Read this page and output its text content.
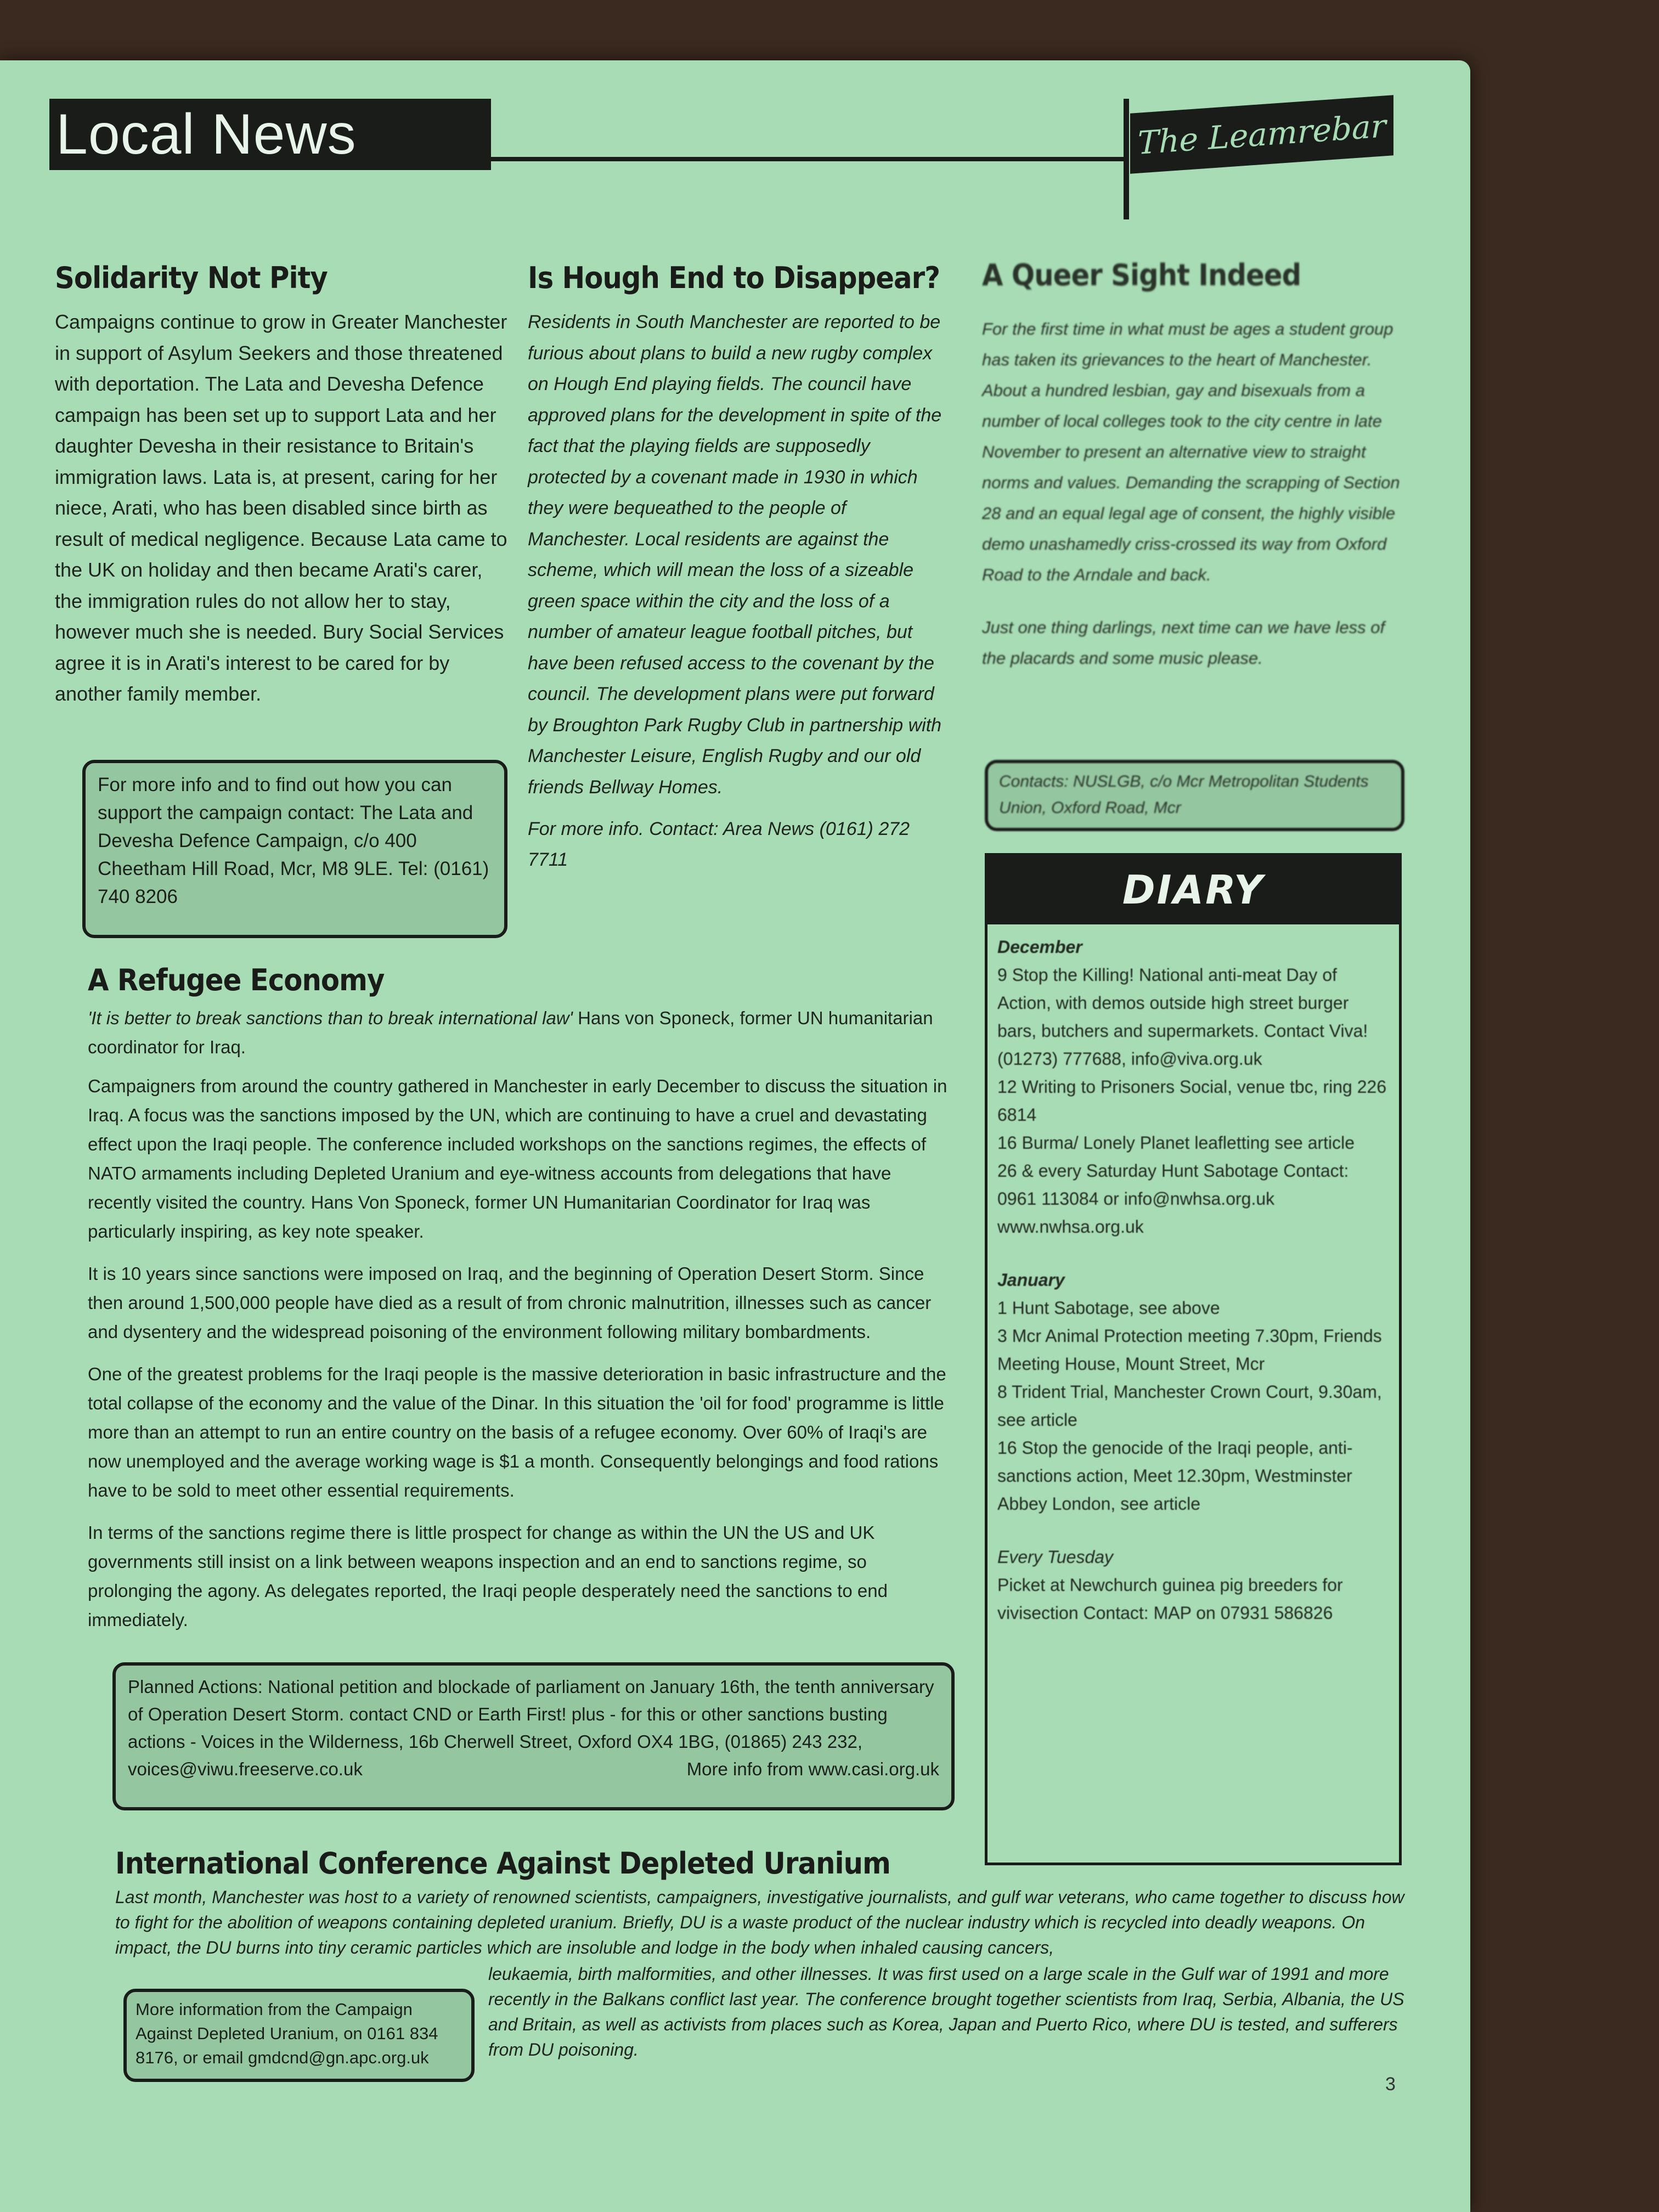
Local News	The Leamrebar
Solidarity Not Pity
Campaigns continue to grow in Greater Manchester in support of Asylum Seekers and those threatened with deportation. The Lata and Devesha Defence campaign has been set up to support Lata and her daughter Devesha in their resistance to Britain's immigration laws. Lata is, at present, caring for her niece, Arati, who has been disabled since birth as result of medical negligence. Because Lata came to the UK on holiday and then became Arati's carer, the immigration rules do not allow her to stay, however much she is needed. Bury Social Services agree it is in Arati's interest to be cared for by another family member.
For more info and to find out how you can support the campaign contact: The Lata and Devesha Defence Campaign, c/o 400 Cheetham Hill Road, Mcr, M8 9LE. Tel: (0161) 740 8206
Is Hough End to Disappear?
Residents in South Manchester are reported to be furious about plans to build a new rugby complex on Hough End playing fields. The council have approved plans for the development in spite of the fact that the playing fields are supposedly protected by a covenant made in 1930 in which they were bequeathed to the people of Manchester. Local residents are against the scheme, which will mean the loss of a sizeable green space within the city and the loss of a number of amateur league football pitches, but have been refused access to the covenant by the council. The development plans were put forward by Broughton Park Rugby Club in partnership with Manchester Leisure, English Rugby and our old friends Bellway Homes.
For more info. Contact: Area News (0161) 272 7711
A Queer Sight Indeed
For the first time in what must be ages a student group has taken its grievances to the heart of Manchester. About a hundred lesbian, gay and bisexuals from a number of local colleges took to the city centre in late November to present an alternative view to straight norms and values. Demanding the scrapping of Section 28 and an equal legal age of consent, the highly visible demo unashamedly criss-crossed its way from Oxford Road to the Arndale and back.
Just one thing darlings, next time can we have less of the placards and some music please.
Contacts: NUSLGB, c/o Mcr Metropolitan Students Union, Oxford Road, Mcr
DIARY

December

9 Stop the Killing! National anti-meat Day of Action, with demos outside high street burger bars, butchers and supermarkets. Contact Viva! (01273) 777688, info@viva.org.uk

12 Writing to Prisoners Social, venue tbc, ring 226 6814

16 Burma/ Lonely Planet leafletting see article

26 & every Saturday Hunt Sabotage Contact: 0961 113084 or info@nwhsa.org.uk www.nwhsa.org.uk

January

1 Hunt Sabotage, see above

3 Mcr Animal Protection meeting 7.30pm, Friends Meeting House, Mount Street, Mcr

8 Trident Trial, Manchester Crown Court, 9.30am, see article

16 Stop the genocide of the Iraqi people, anti-sanctions action, Meet 12.30pm, Westminster Abbey London, see article

Every Tuesday

Picket at Newchurch guinea pig breeders for vivisection Contact: MAP on 07931 586826

A Refugee Economy
'It is better to break sanctions than to break international law' Hans von Sponeck, former UN humanitarian coordinator for Iraq.

Campaigners from around the country gathered in Manchester in early December to discuss the situation in Iraq. A focus was the sanctions imposed by the UN, which are continuing to have a cruel and devastating effect upon the Iraqi people. The conference included workshops on the sanctions regimes, the effects of NATO armaments including Depleted Uranium and eye-witness accounts from delegations that have recently visited the country. Hans Von Sponeck, former UN Humanitarian Coordinator for Iraq was particularly inspiring, as key note speaker.

It is 10 years since sanctions were imposed on Iraq, and the beginning of Operation Desert Storm. Since then around 1,500,000 people have died as a result of from chronic malnutrition, illnesses such as cancer and dysentery and the widespread poisoning of the environment following military bombardments.

One of the greatest problems for the Iraqi people is the massive deterioration in basic infrastructure and the total collapse of the economy and the value of the Dinar. In this situation the 'oil for food' programme is little more than an attempt to run an entire country on the basis of a refugee economy. Over 60% of Iraqi's are now unemployed and the average working wage is $1 a month. Consequently belongings and food rations have to be sold to meet other essential requirements.

In terms of the sanctions regime there is little prospect for change as within the UN the US and UK governments still insist on a link between weapons inspection and an end to sanctions regime, so prolonging the agony. As delegates reported, the Iraqi people desperately need the sanctions to end immediately.

Planned Actions: National petition and blockade of parliament on January 16th, the tenth anniversary of Operation Desert Storm. contact CND or Earth First! plus - for this or other sanctions busting actions - Voices in the Wilderness, 16b Cherwell Street, Oxford OX4 1BG, (01865) 243 232, voices@viwu.freeserve.co.uk	More info from www.casi.org.uk
International Conference Against Depleted Uranium
Last month, Manchester was host to a variety of renowned scientists, campaigners, investigative journalists, and gulf war veterans, who came together to discuss how to fight for the abolition of weapons containing depleted uranium. Briefly, DU is a waste product of the nuclear industry which is recycled into deadly weapons. On impact, the DU burns into tiny ceramic particles which are insoluble and lodge in the body when inhaled causing cancers,
More information from the Campaign Against Depleted Uranium, on 0161 834 8176, or email gmdcnd@gn.apc.org.uk
leukaemia, birth malformities, and other illnesses. It was first used on a large scale in the Gulf war of 1991 and more recently in the Balkans conflict last year. The conference brought together scientists from Iraq, Serbia, Albania, the US and Britain, as well as activists from places such as Korea, Japan and Puerto Rico, where DU is tested, and sufferers from DU poisoning.
3
